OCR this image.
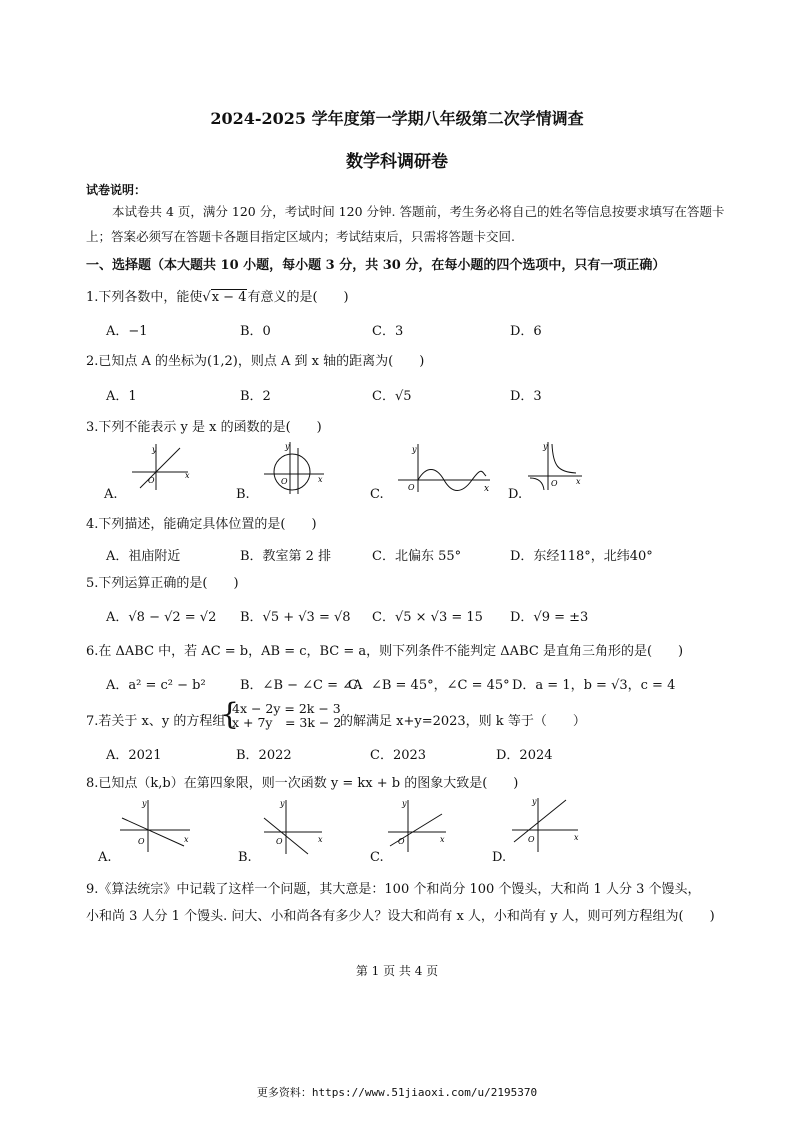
2024-2025 学年度第一学期八年级第二次学情调查
数学科调研卷
试卷说明：
本试卷共 4 页，满分 120 分，考试时间 120 分钟. 答题前，考生务必将自己的姓名等信息按要求填写在答题卡
上；答案必须写在答题卡各题目指定区域内；考试结束后，只需将答题卡交回.
一、选择题（本大题共 10 小题，每小题 3 分，共 30 分，在每小题的四个选项中，只有一项正确）
1.下列各数中，能使√x − 4有意义的是(　　)
A．−1	B．0	C．3	D．6
2.已知点 A 的坐标为(1,2)，则点 A 到 x 轴的距离为(　　)
A．1	B．2	C．√5	D．3
3.下列不能表示 y 是 x 的函数的是(　　)
A.	B.	C.	D.
y
x
O
y
x
O
y
x
O
y
x
O
4.下列描述，能确定具体位置的是(　　)
A．祖庙附近	B．教室第 2 排	C．北偏东 55°	D．东经118°，北纬40°
5.下列运算正确的是(　　)
A．√8 − √2 = √2 B．√5 + √3 = √8 C．√5 × √3 = 15 D．√9 = ±3
6.在 ΔABC 中，若 AC = b，AB = c，BC = a，则下列条件不能判定 ΔABC 是直角三角形的是(　　)
A．a² = c² − b²	B．∠B − ∠C = ∠A
C．∠B = 45°，∠C = 45° D．a = 1，b = √3，c = 4
7.若关于 x、y 的方程组
{
4x − 2y = 2k − 3
x + 7y　= 3k − 2
的解满足 x+y=2023，则 k 等于（　　）
A．2021	B．2022	C．2023	D．2024
8.已知点（k,b）在第四象限，则一次函数 y = kx + b 的图象大致是(　　)
A.	B.	C.	D.
y
x
O
y
x
O
y
x
O
y
x
O
9.《算法统宗》中记载了这样一个问题，其大意是：100 个和尚分 100 个馒头，大和尚 1 人分 3 个馒头，
小和尚 3 人分 1 个馒头. 问大、小和尚各有多少人？设大和尚有 x 人，小和尚有 y 人，则可列方程组为(　　)
第 1 页 共 4 页
更多资料：https://www.51jiaoxi.com/u/2195370
